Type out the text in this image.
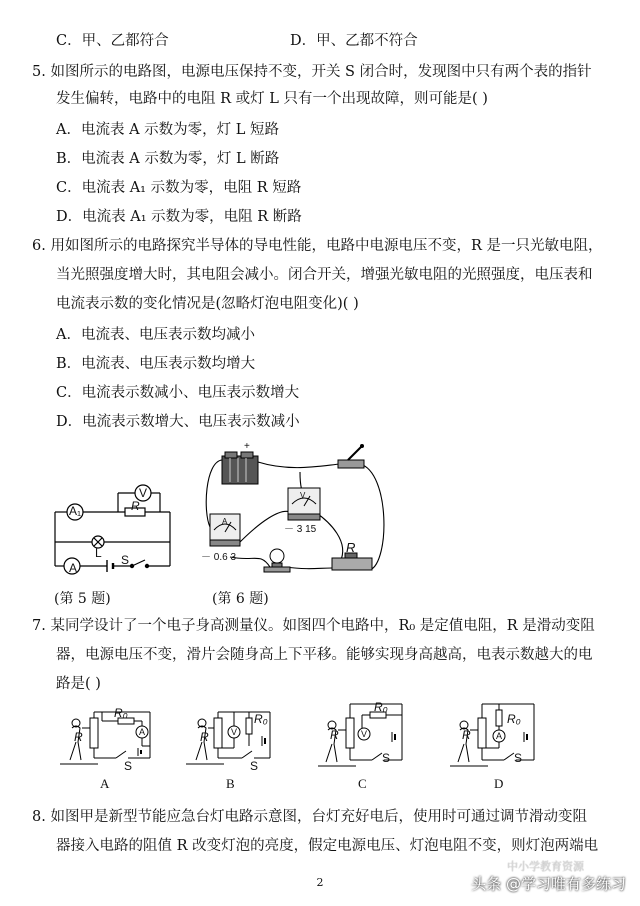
C．甲、乙都符合	D．甲、乙都不符合
5. 如图所示的电路图，电源电压保持不变，开关 S 闭合时，发现图中只有两个表的指针
发生偏转，电路中的电阻 R 或灯 L 只有一个出现故障，则可能是( )
A．电流表 A 示数为零，灯 L 短路
B．电流表 A 示数为零，灯 L 断路
C．电流表 A₁ 示数为零，电阻 R 短路
D．电流表 A₁ 示数为零，电阻 R 断路
6. 用如图所示的电路探究半导体的导电性能，电路中电源电压不变，R 是一只光敏电阻，
当光照强度增大时，其电阻会减小。闭合开关，增强光敏电阻的光照强度，电压表和
电流表示数的变化情况是(忽略灯泡电阻变化)( )
A．电流表、电压表示数均减小
B．电流表、电压表示数均增大
C．电流表示数减小、电压表示数增大
D．电流表示数增大、电压表示数减小
A₁
V
R
L
A
S
(第 5 题)
+
A
V
－ 0.6 3
－ 3 15
R
(第 6 题)
7. 某同学设计了一个电子身高测量仪。如图四个电路中，R₀ 是定值电阻，R 是滑动变阻
器，电源电压不变，滑片会随身高上下平移。能够实现身高越高，电表示数越大的电
路是( )
R
R₀
A
S
R
R₀
V
S
R
R₀
V
S
R
R₀
A
S
A	B	C	D
8. 如图甲是新型节能应急台灯电路示意图，台灯充好电后，使用时可通过调节滑动变阻
器接入电路的阻值 R 改变灯泡的亮度，假定电源电压、灯泡电阻不变，则灯泡两端电
2
中小学教育资源
头条 @学习唯有多练习
